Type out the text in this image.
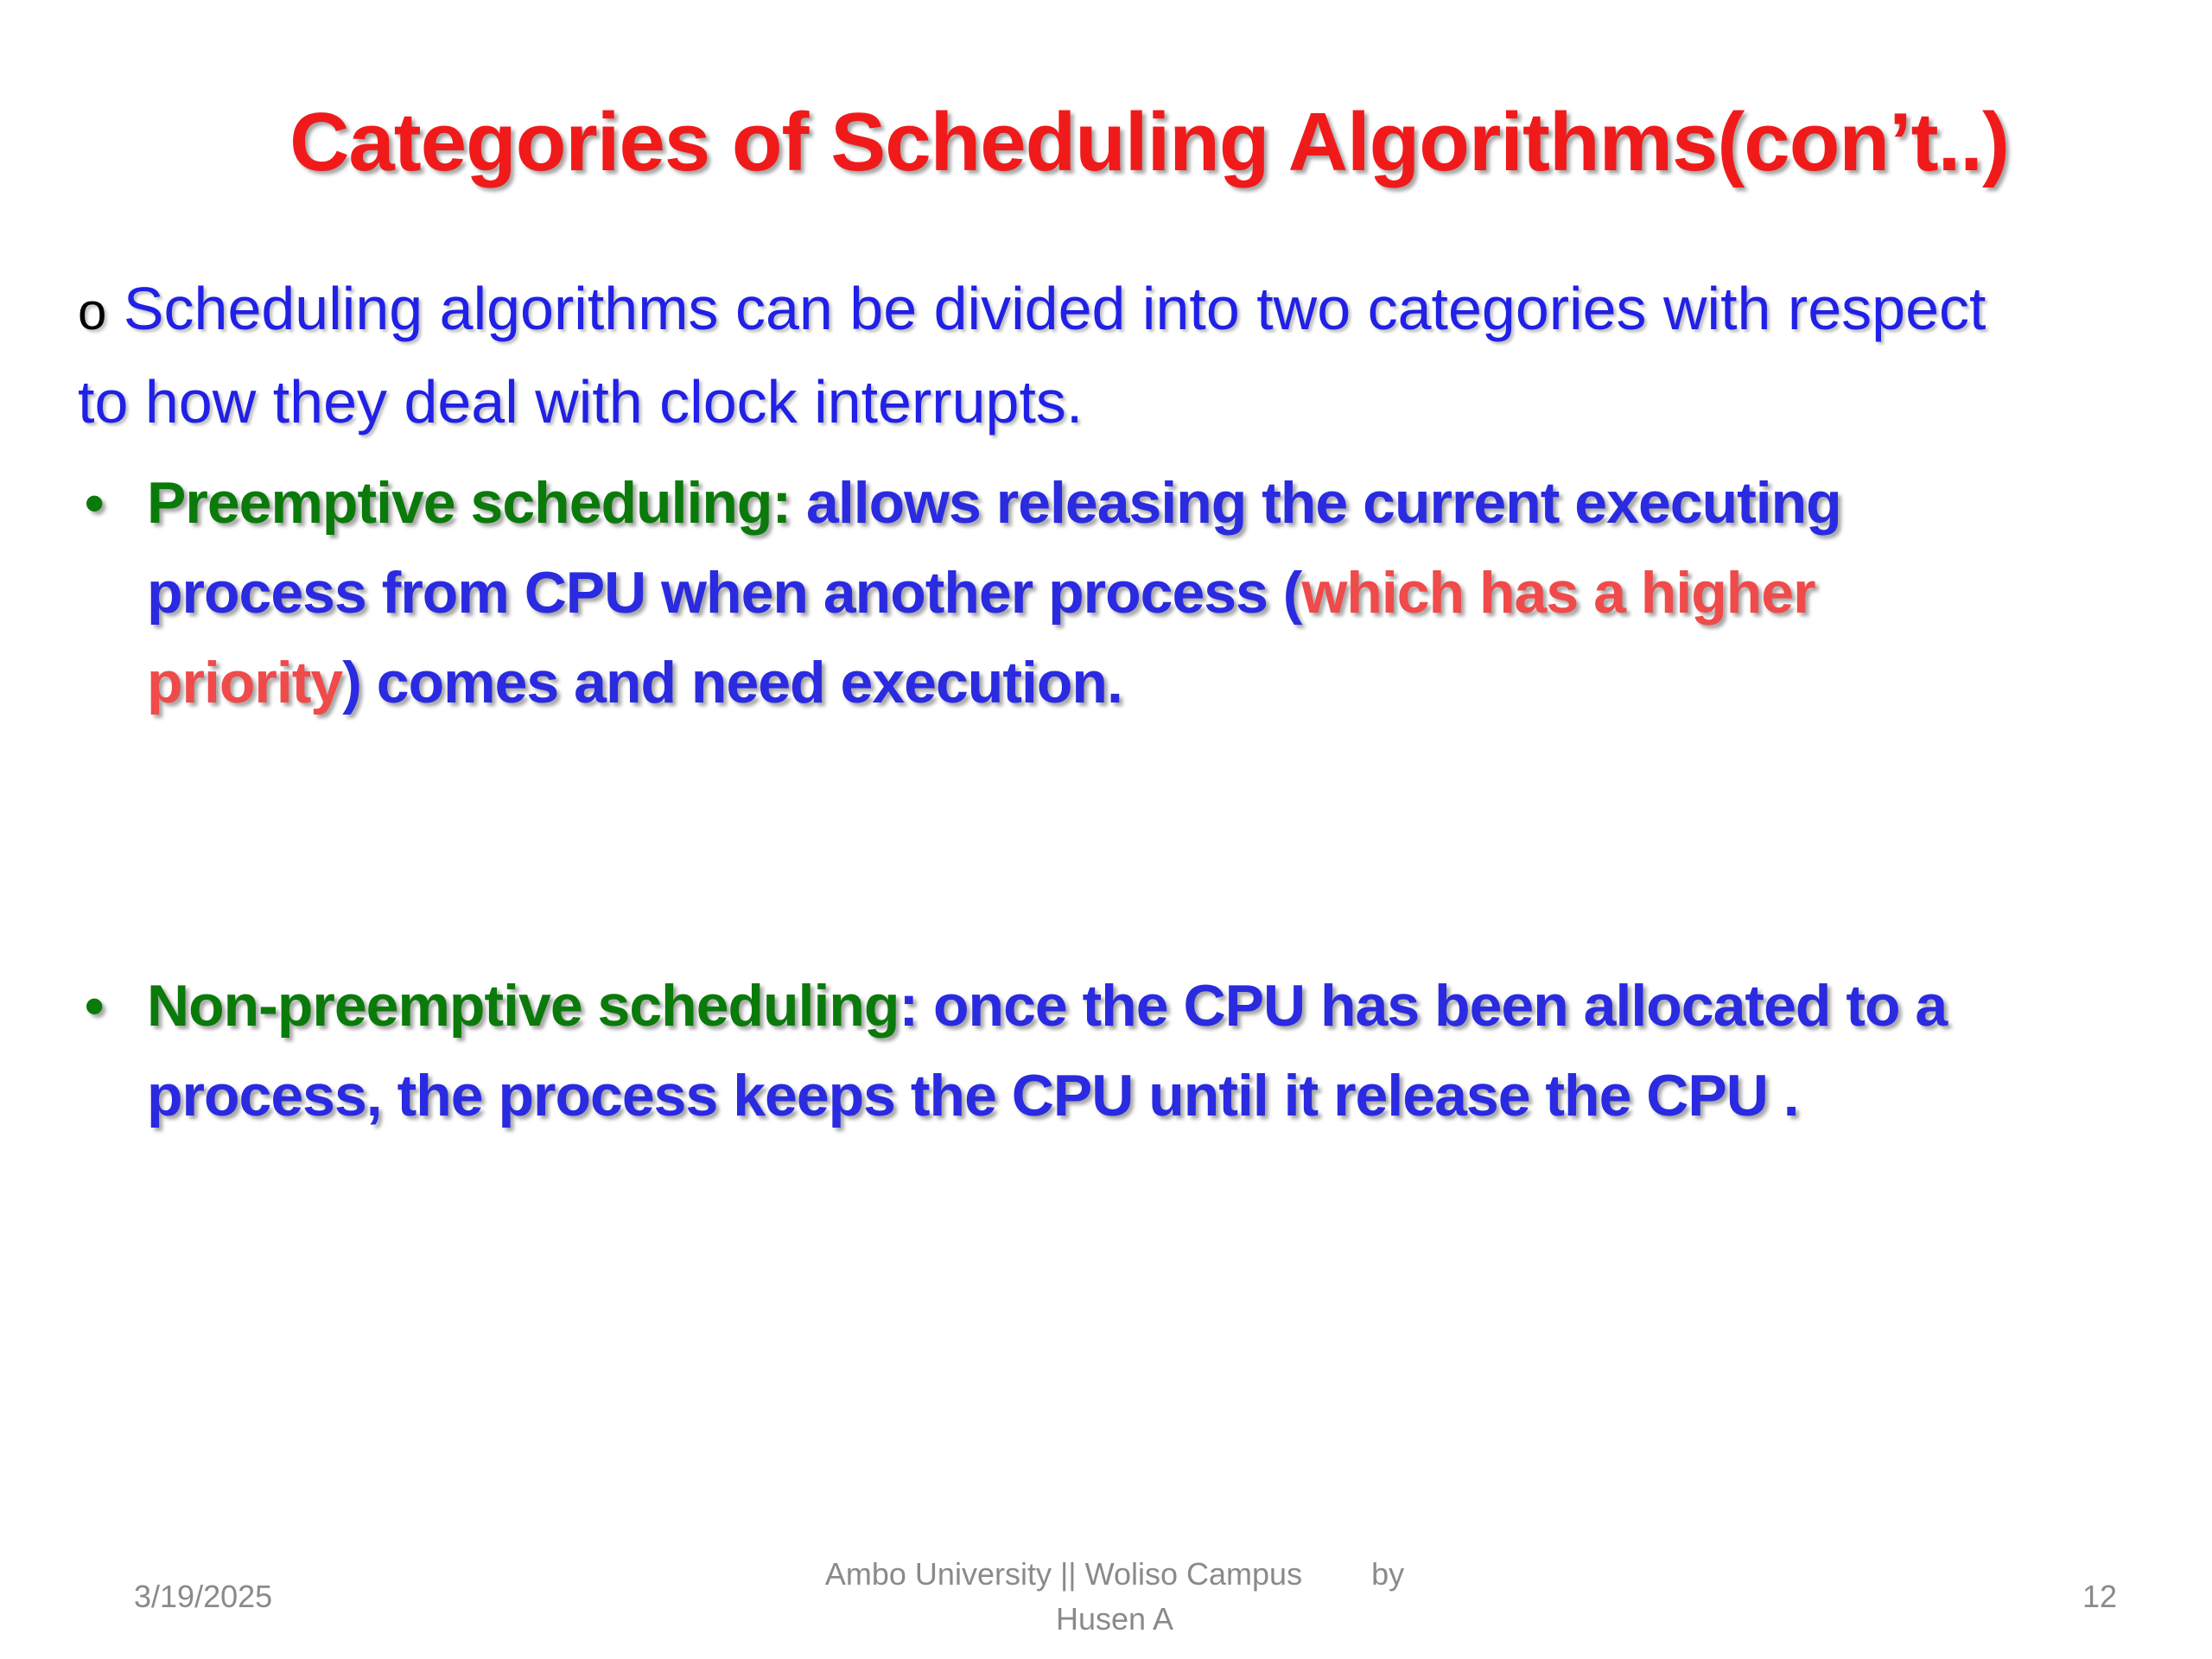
Categories of Scheduling Algorithms(con’t..)
o Scheduling algorithms can be divided into two categories with respect to how they deal with clock interrupts.
• Preemptive scheduling: allows releasing the current executing process from CPU when another process (which has a higher priority) comes and need execution.
• Non-preemptive scheduling: once the CPU has been allocated to a process, the process keeps the CPU until it release the CPU .
3/19/2025
Ambo University || Woliso Campus        by
Husen A
12
